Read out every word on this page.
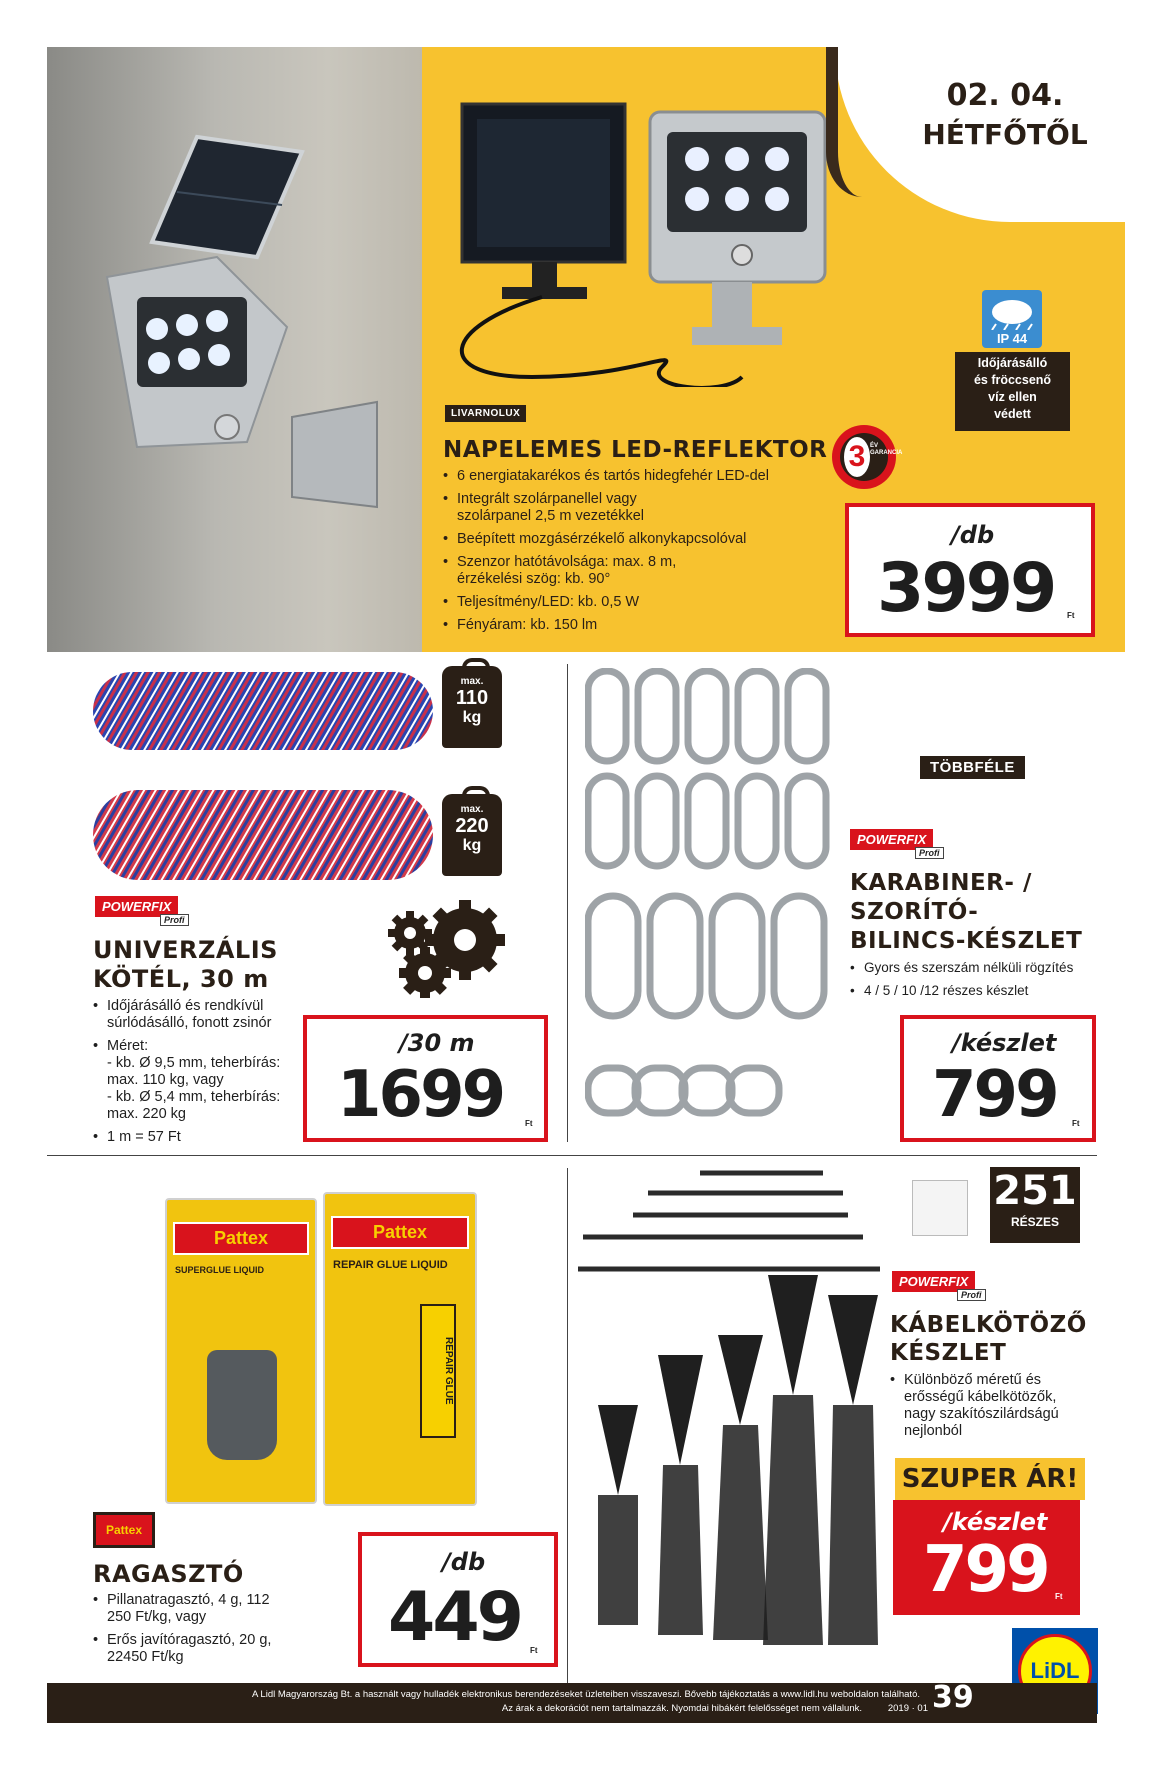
02. 04.
HÉTFŐTŐL
IP 44
Időjárásálló
és fröccsenő
víz ellen
védett
LIVARNOLUX
3 ÉV GARANCIA
NAPELEMES LED-REFLEKTOR
• 6 energiatakarékos és tartós hidegfehér LED-del
• Integrált szolárpanellel vagy szolárpanel 2,5 m vezetékkel
• Beépített mozgásérzékelő alkonykapcsolóval
• Szenzor hatótávolsága: max. 8 m, érzékelési szög: kb. 90°
• Teljesítmény/LED: kb. 0,5 W
• Fényáram: kb. 150 lm
/db
3999 Ft
max.
110
kg
max.
220
kg
POWERFIX
Profi
UNIVERZÁLIS
KÖTÉL, 30 m
• Időjárásálló és rendkívül súrlódásálló, fonott zsinór
• Méret:
- kb. Ø 9,5 mm, teherbírás: max. 110 kg, vagy
- kb. Ø 5,4 mm, teherbírás: max. 220 kg
• 1 m = 57 Ft
/30 m
1699	Ft
TÖBBFÉLE
POWERFIX
Profi
KARABINER- /
SZORÍTÓ-
BILINCS-KÉSZLET
• Gyors és szerszám nélküli rögzítés
• 4 / 5 / 10 /12 részes készlet
/készlet
799 Ft
Pattex
SUPERGLUE LIQUID
Pattex
REPAIR GLUE LIQUID
REPAIR GLUE
Pattex
RAGASZTÓ
• Pillanatragasztó, 4 g, 112 250 Ft/kg, vagy
• Erős javítóragasztó, 20 g, 22450 Ft/kg
/db
449 Ft
251
RÉSZES
POWERFIX
Profi
KÁBELKÖTÖZŐ
KÉSZLET
• Különböző méretű és erősségű kábelkötözők, nagy szakítószilárdságú nejlonból
SZUPER ÁR!
/készlet
799 Ft
LiDL
A Lidl Magyarország Bt. a használt vagy hulladék elektronikus berendezéseket üzleteiben visszaveszi. Bővebb tájékoztatás a www.lidl.hu weboldalon található.
Az árak a dekorációt nem tartalmazzák. Nyomdai hibákért felelősséget nem vállalunk.	2019 · 01 39
